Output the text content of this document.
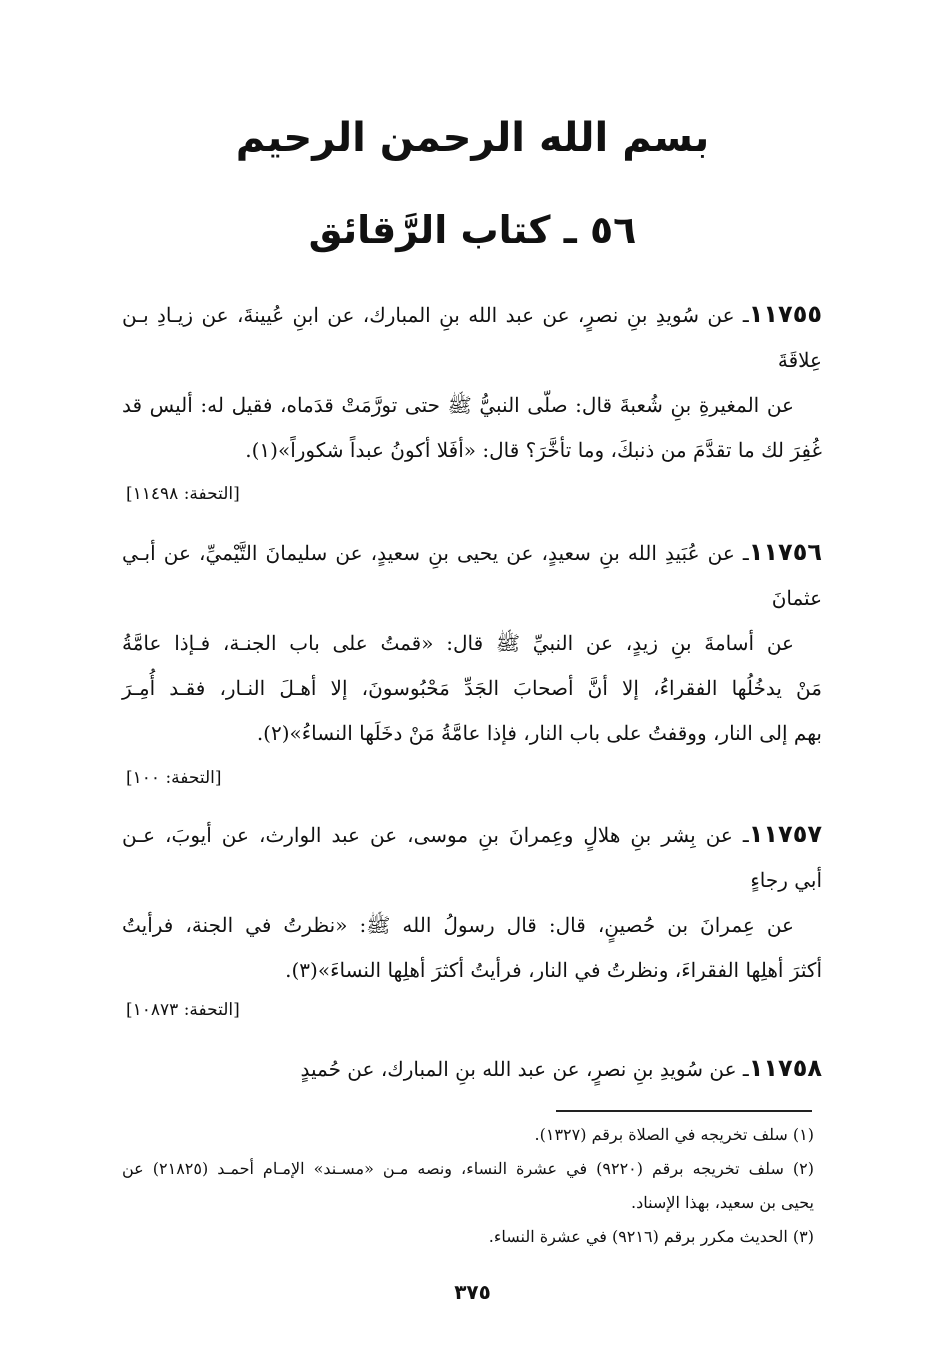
بسم الله الرحمن الرحيم
٥٦ ـ كتاب الرَّقائق
١١٧٥٥ـ عن سُويدِ بنِ نصرٍ، عن عبد الله بنِ المبارك، عن ابنِ عُيينةَ، عن زيـادِ بـن
عِلاقَةَ
عن المغيرةِ بنِ شُعبةَ قال: صلّى النبيُّ ﷺ حتى تورَّمَتْ قدَماه، فقيل له: أليس قد
غُفِرَ لك ما تقدَّمَ من ذنبكَ، وما تأخَّرَ؟ قال: «أفَلا أكونُ عبداً شكوراً»(١).
[التحفة: ١١٤٩٨]
١١٧٥٦ـ عن عُبَيدِ الله بنِ سعيدٍ، عن يحيى بنِ سعيدٍ، عن سليمانَ التَّيْميِّ، عن أبـي
عثمانَ
عن أسامةَ بنِ زيدٍ، عن النبيِّ ﷺ قال: «قمتُ على باب الجنـة، فـإذا عامَّةُ
مَنْ يدخُلُها الفقراءُ، إلا أنَّ أصحابَ الجَدِّ مَحْبُوسونَ، إلا أهـلَ النـار، فقـد أُمِـرَ
بهم إلى النار، ووقفتُ على باب النار، فإذا عامَّةُ مَنْ دخَلَها النساءُ»(٢).
[التحفة: ١٠٠]
١١٧٥٧ـ عن بِشر بنِ هلالٍ وعِمرانَ بنِ موسى، عن عبد الوارث، عن أيوبَ، عـن
أبي رجاءٍ
عن عِمرانَ بن حُصينٍ، قال: قال رسولُ الله ﷺ: «نظرتُ في الجنة، فرأيتُ
أكثرَ أهلِها الفقراءَ، ونظرتُ في النار، فرأيتُ أكثرَ أهلِها النساءَ»(٣).
[التحفة: ١٠٨٧٣]
١١٧٥٨ـ عن سُويدِ بنِ نصرٍ، عن عبد الله بنِ المبارك، عن حُميدٍ
(١) سلف تخريجه في الصلاة برقم (١٣٢٧).
(٢) سلف تخريجه برقم (٩٢٢٠) في عشرة النساء، ونصه مـن «مسـند» الإمـام أحمـد (٢١٨٢٥) عن
يحيى بن سعيد، بهذا الإسناد.
(٣) الحديث مكرر برقم (٩٢١٦) في عشرة النساء.
٣٧٥
